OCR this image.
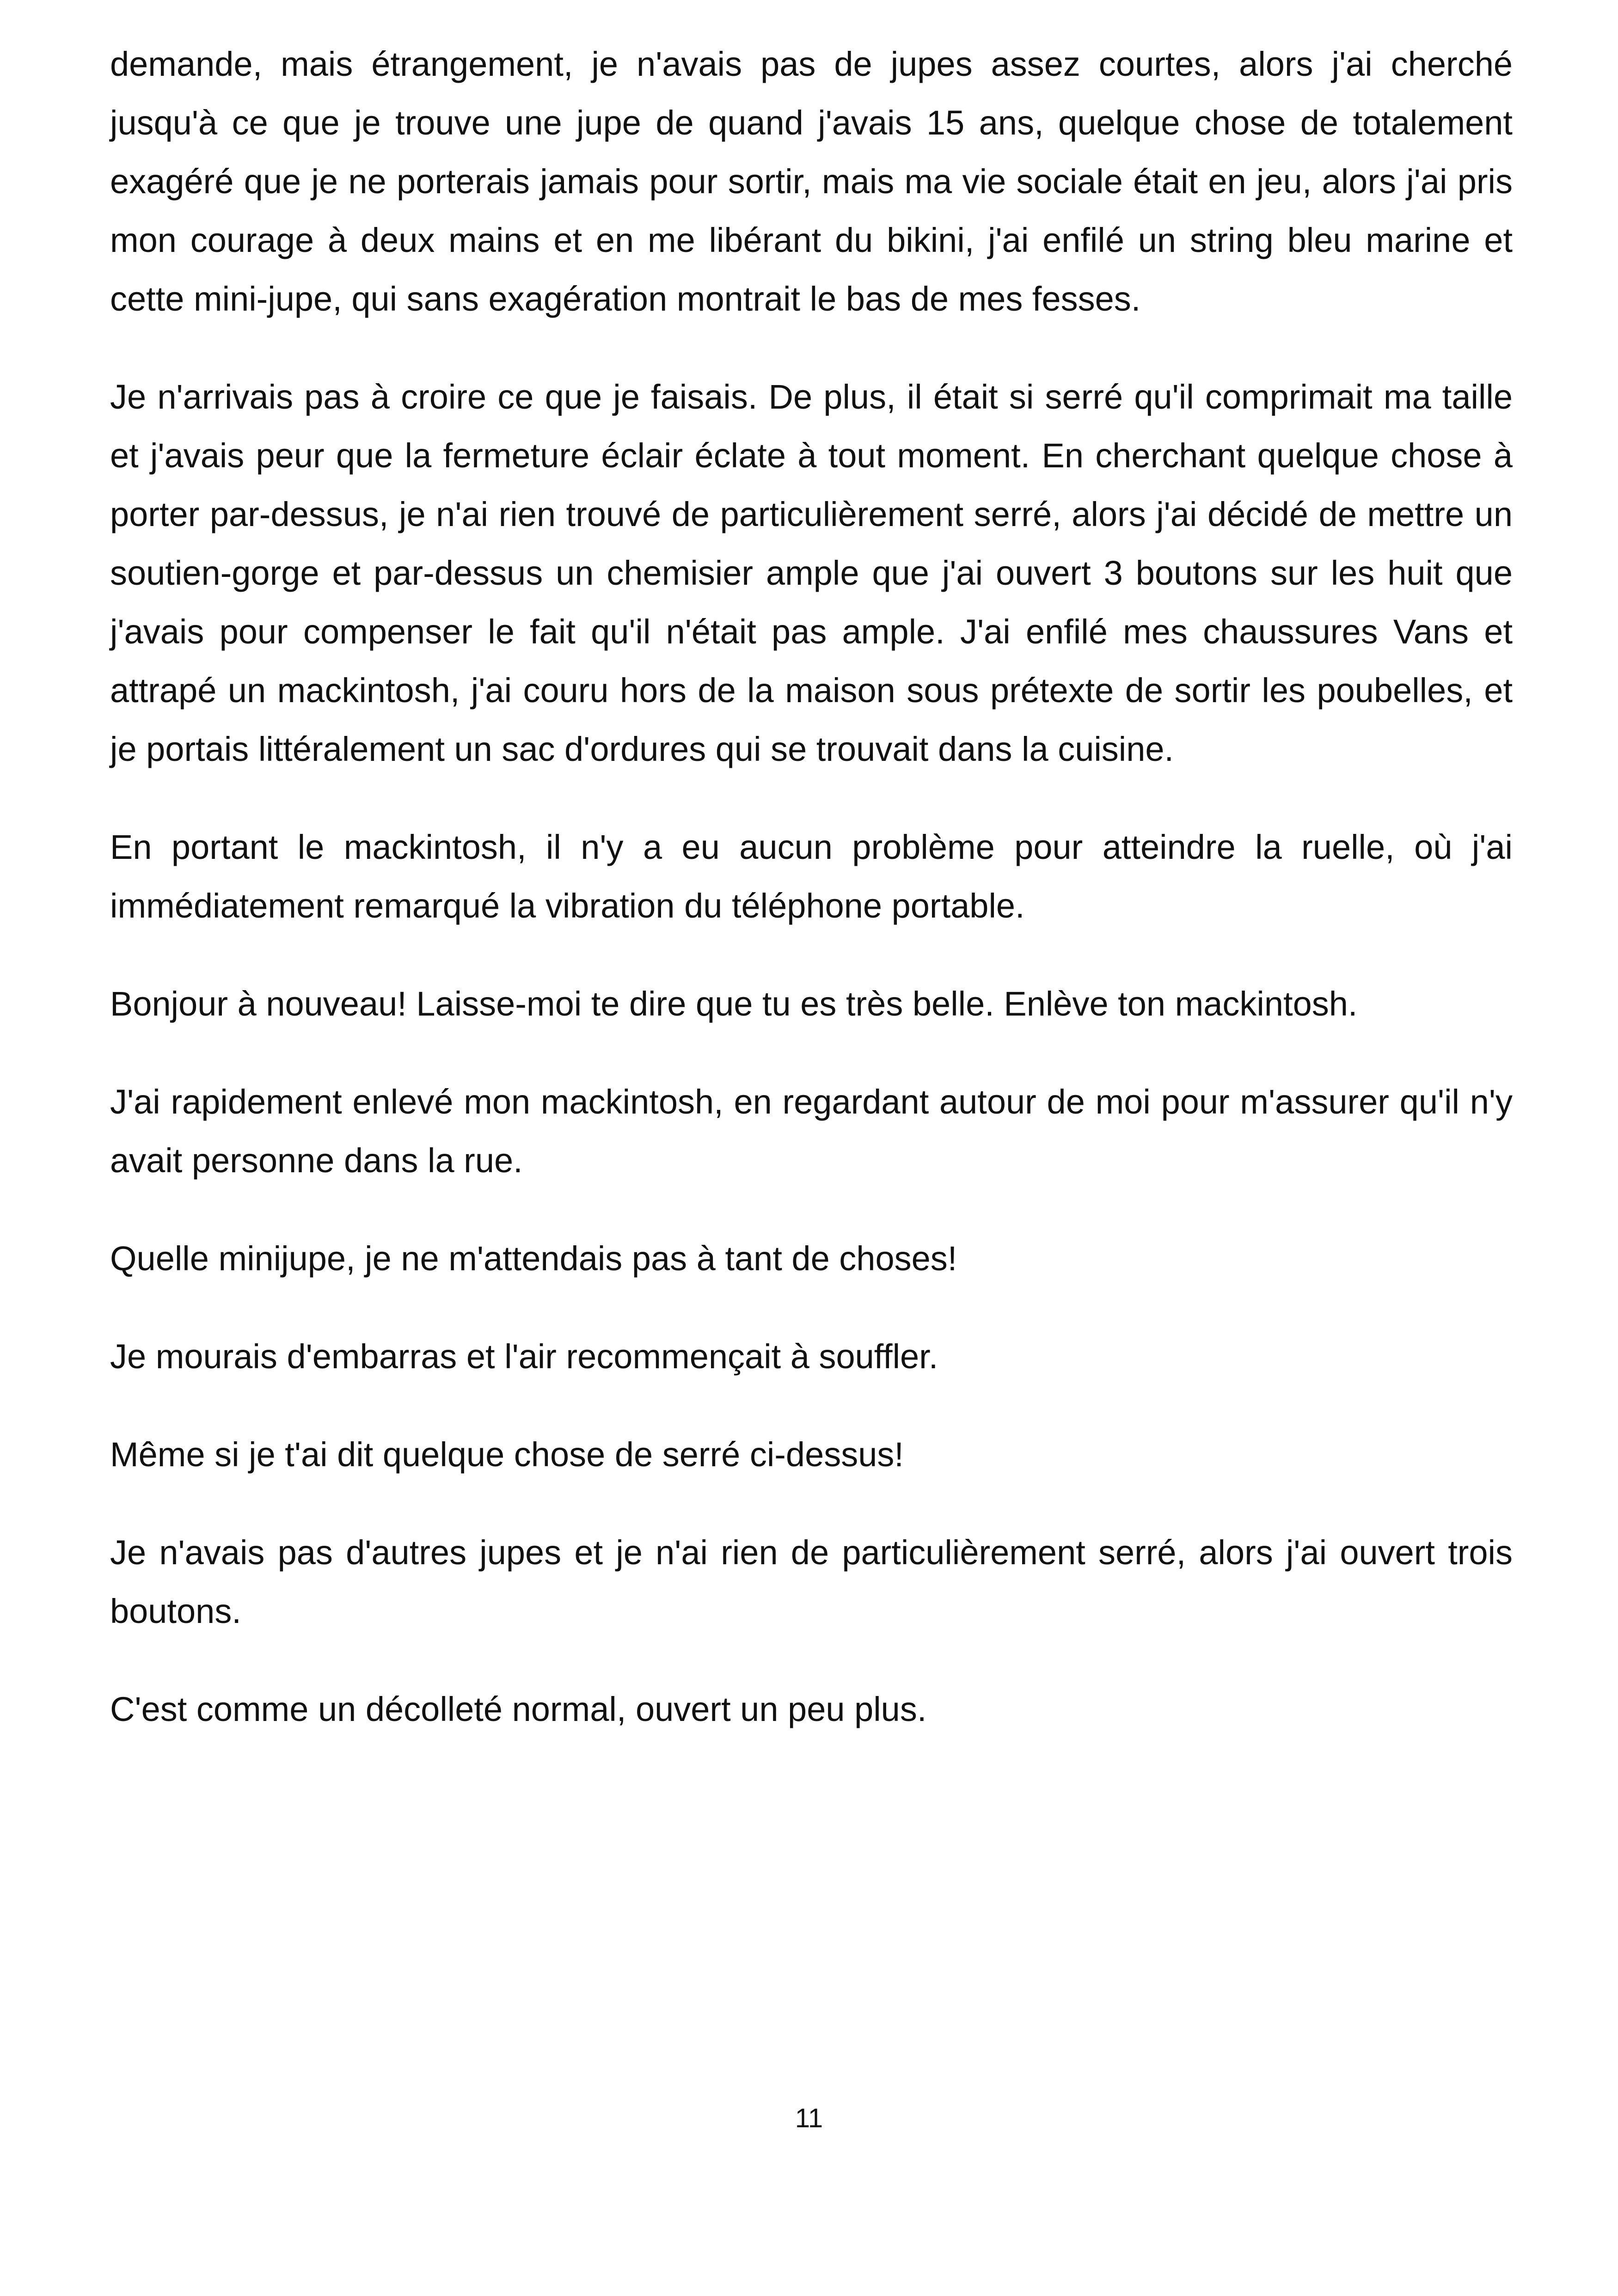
demande, mais étrangement, je n'avais pas de jupes assez courtes, alors j'ai cherché jusqu'à ce que je trouve une jupe de quand j'avais 15 ans, quelque chose de totalement exagéré que je ne porterais jamais pour sortir, mais ma vie sociale était en jeu, alors j'ai pris mon courage à deux mains et en me libérant du bikini, j'ai enfilé un string bleu marine et cette mini-jupe, qui sans exagération montrait le bas de mes fesses.

Je n'arrivais pas à croire ce que je faisais. De plus, il était si serré qu'il comprimait ma taille et j'avais peur que la fermeture éclair éclate à tout moment. En cherchant quelque chose à porter par-dessus, je n'ai rien trouvé de particulièrement serré, alors j'ai décidé de mettre un soutien-gorge et par-dessus un chemisier ample que j'ai ouvert 3 boutons sur les huit que j'avais pour compenser le fait qu'il n'était pas ample. J'ai enfilé mes chaussures Vans et attrapé un mackintosh, j'ai couru hors de la maison sous prétexte de sortir les poubelles, et je portais littéralement un sac d'ordures qui se trouvait dans la cuisine.

En portant le mackintosh, il n'y a eu aucun problème pour atteindre la ruelle, où j'ai immédiatement remarqué la vibration du téléphone portable.

Bonjour à nouveau! Laisse-moi te dire que tu es très belle. Enlève ton mackintosh.

J'ai rapidement enlevé mon mackintosh, en regardant autour de moi pour m'assurer qu'il n'y avait personne dans la rue.

Quelle minijupe, je ne m'attendais pas à tant de choses!

Je mourais d'embarras et l'air recommençait à souffler.

Même si je t'ai dit quelque chose de serré ci-dessus!

Je n'avais pas d'autres jupes et je n'ai rien de particulièrement serré, alors j'ai ouvert trois boutons.

C'est comme un décolleté normal, ouvert un peu plus.

11
